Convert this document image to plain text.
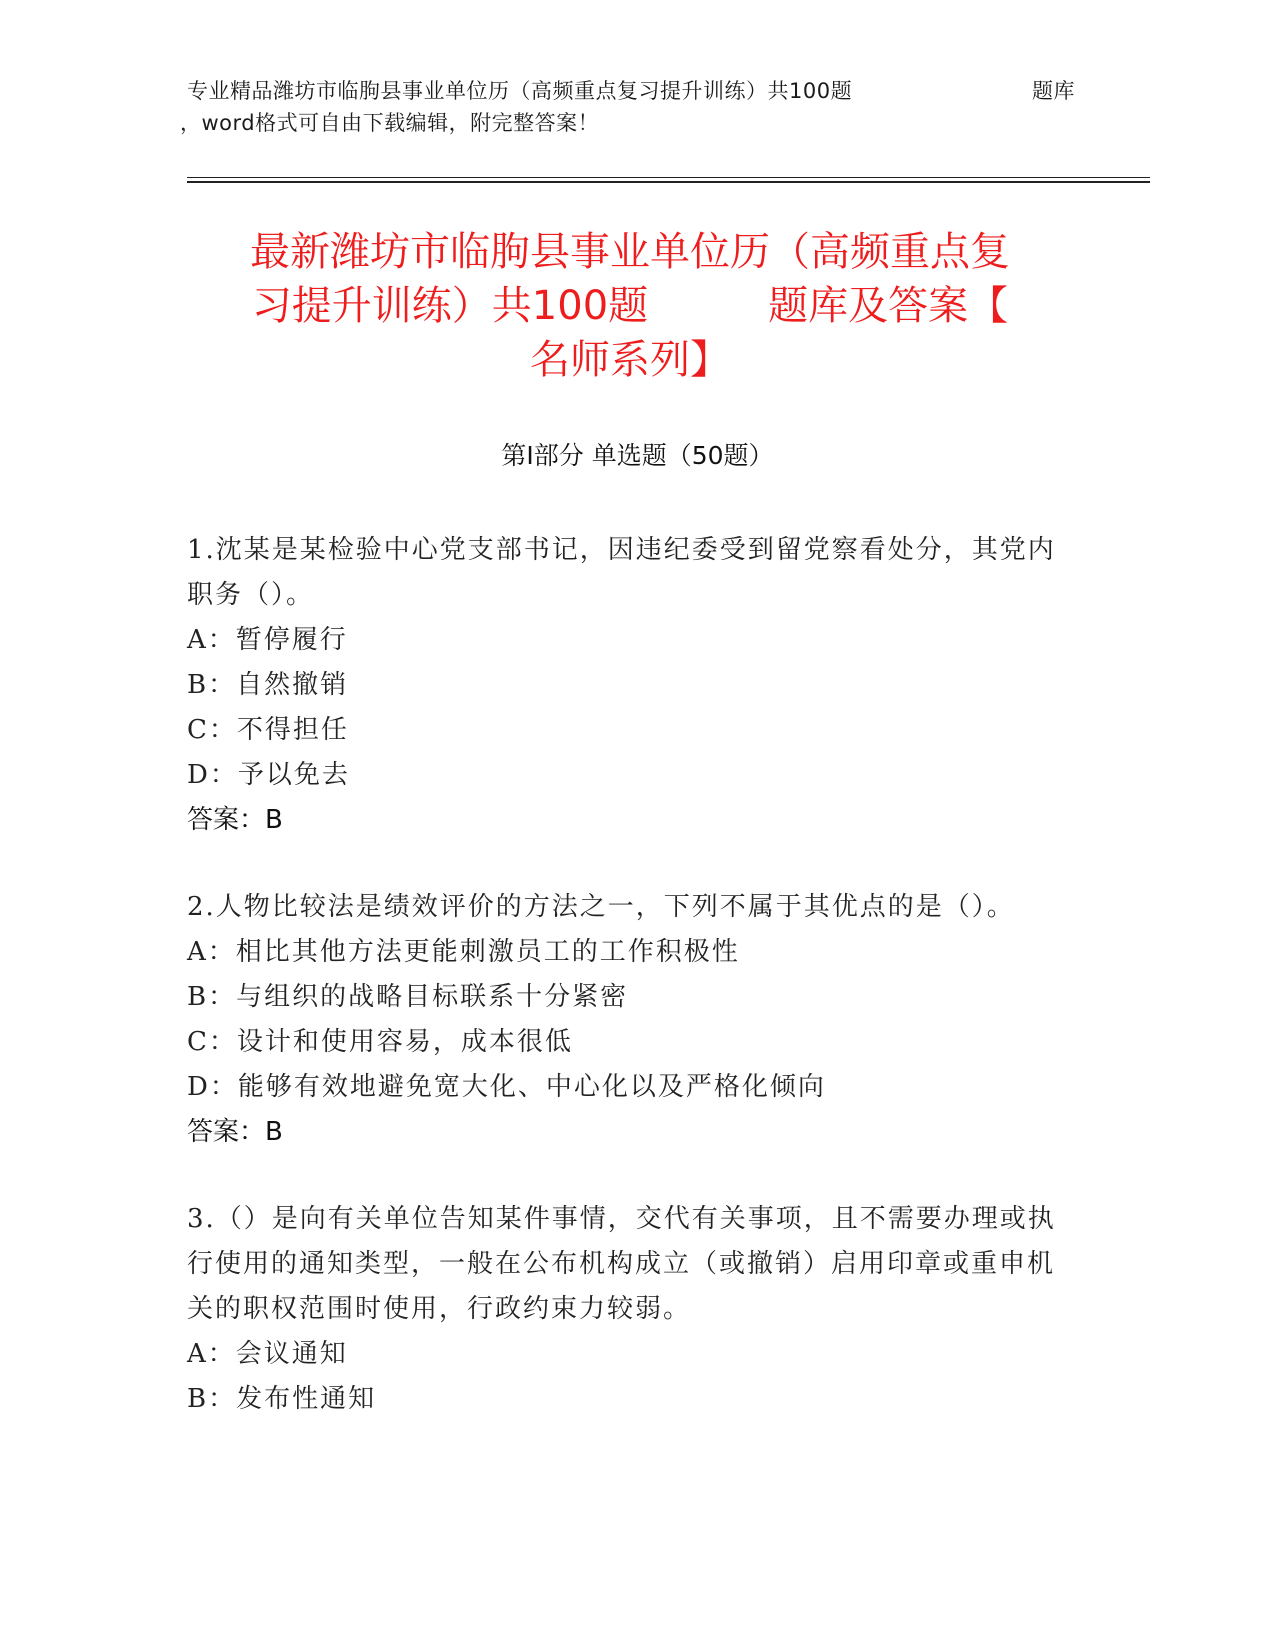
专业精品潍坊市临朐县事业单位历（高频重点复习提升训练）共100题	题库
，word格式可自由下载编辑，附完整答案！
最新潍坊市临朐县事业单位历（高频重点复
习提升训练）共100题　　　题库及答案【
名师系列】
第Ⅰ部分 单选题（50题）
1.沈某是某检验中心党支部书记，因违纪委受到留党察看处分，其党内职务（）。
A：暂停履行
B：自然撤销
C：不得担任
D：予以免去
答案：B
2.人物比较法是绩效评价的方法之一，下列不属于其优点的是（）。
A：相比其他方法更能刺激员工的工作积极性
B：与组织的战略目标联系十分紧密
C：设计和使用容易，成本很低
D：能够有效地避免宽大化、中心化以及严格化倾向
答案：B
3.（）是向有关单位告知某件事情，交代有关事项，且不需要办理或执行使用的通知类型，一般在公布机构成立（或撤销）启用印章或重申机关的职权范围时使用，行政约束力较弱。
A：会议通知
B：发布性通知
